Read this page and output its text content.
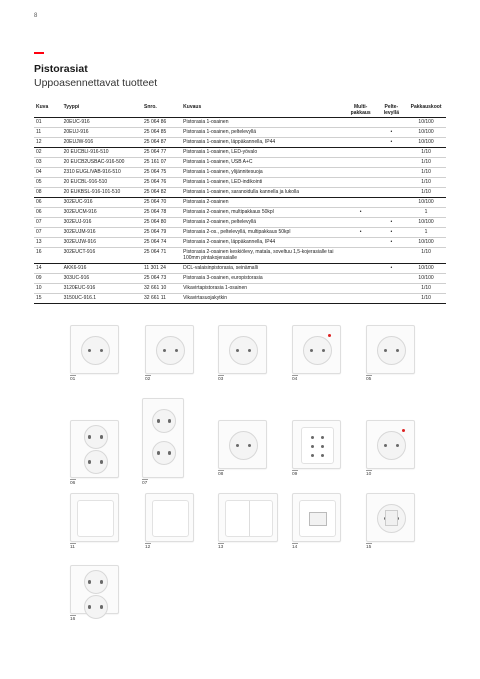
8
Pistorasiat
Uppoasennettavat tuotteet
Kuva	Tyyppi	Snro.	Kuvaus	Multi-
pakkaus	Pelte-
levyllä	Pakkauskoot
01	20EUC-916	25 064 86	Pistorasia 1-osainen			10/100
11	20EUJ-916	25 064 85	Pistorasia 1-osainen, peltelevyllä		•	10/100
12	20EUJW-916	25 064 87	Pistorasia 1-osainen, läppäkannella, IP44		•	10/100
02	20 EUCBLI-916-510	25 064 77	Pistorasia 1-osainen, LED-yövalo			1/10
03	20 EUCB2USBAC-916-500	25 161 07	Pistorasia 1-osainen, USB A+C			1/10
04	2310 EUGL/VAB-916-510	25 064 75	Pistorasia 1-osainen, ylijännitesuoja			1/10
05	20 EUCBL-916-510	25 064 76	Pistorasia 1-osainen, LED-indikointi			1/10
08	20 EUKBSL-916-101-510	25 064 82	Pistorasia 1-osainen, saranoidulla kannella ja lukolla			1/10
06	302EUC-916	25 064 70	Pistorasia 2-osainen			10/100
06	302EUCM-916	25 064 78	Pistorasia 2-osainen, multipakkaus 50kpl	•		1
07	302EUJ-916	25 064 80	Pistorasia 2-osainen, peltelevyllä		•	10/100
07	302EUJM-916	25 064 79	Pistorasia 2-os., peltelevyllä, multipakkaus 50kpl	•	•	1
13	302EUJW-916	25 064 74	Pistorasia 2-osainen, läppäkannella, IP44		•	10/100
16	302EUCT-916	25 064 71	Pistorasia 2-osainen keskiölevy, matala, soveltuu 1,5-kojerasialle tai 100mm pintakojerasialle			1/10
14	AKK6-916	11 301 24	DCL-valaisinpistorasia, seinämalli		•	10/100
09	303UC-916	25 064 73	Pistorasia 3-osainen, europistorasia			10/100
10	3120EUC-916	32 661 10	Vikavirtapistorasia 1-osainen			1/10
15	3150UC-916.1	32 661 11	Vikavirtasuojakytkin			1/10
01	02	03	04	05
06	07
08	09	10
11	12	13	14	15
16
